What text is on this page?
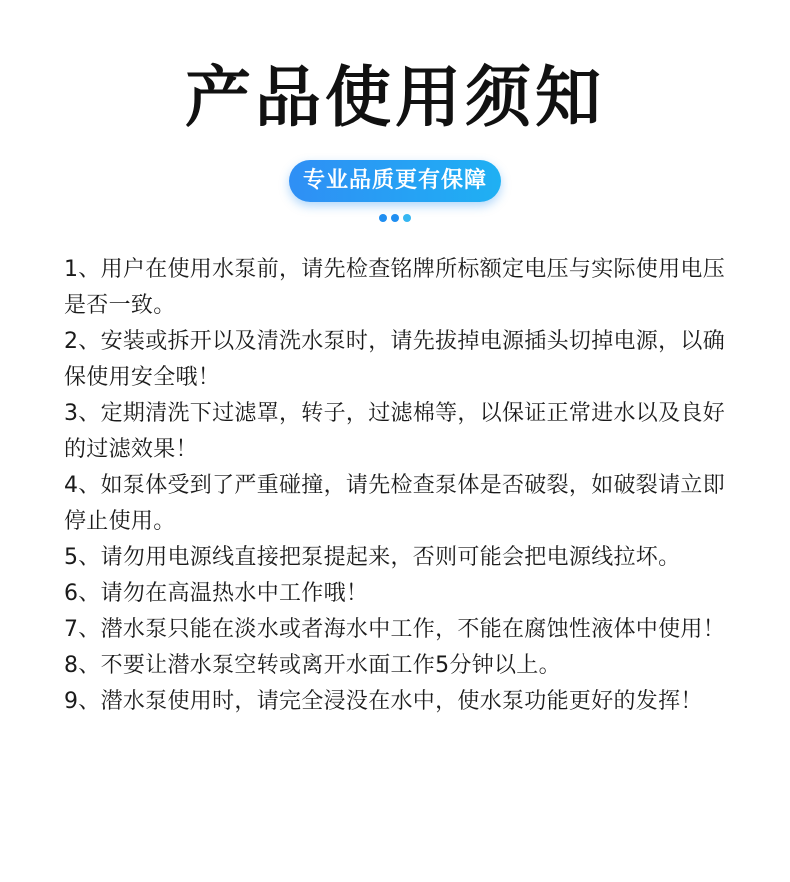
产品使用须知
专业品质更有保障

1、用户在使用水泵前，请先检查铭牌所标额定电压与实际使用电压是否一致。
2、安装或拆开以及清洗水泵时，请先拔掉电源插头切掉电源，以确保使用安全哦！
3、定期清洗下过滤罩，转子，过滤棉等，以保证正常进水以及良好的过滤效果！
4、如泵体受到了严重碰撞，请先检查泵体是否破裂，如破裂请立即停止使用。
5、请勿用电源线直接把泵提起来，否则可能会把电源线拉坏。
6、请勿在高温热水中工作哦！
7、潜水泵只能在淡水或者海水中工作，不能在腐蚀性液体中使用！
8、不要让潜水泵空转或离开水面工作5分钟以上。
9、潜水泵使用时，请完全浸没在水中，使水泵功能更好的发挥！
